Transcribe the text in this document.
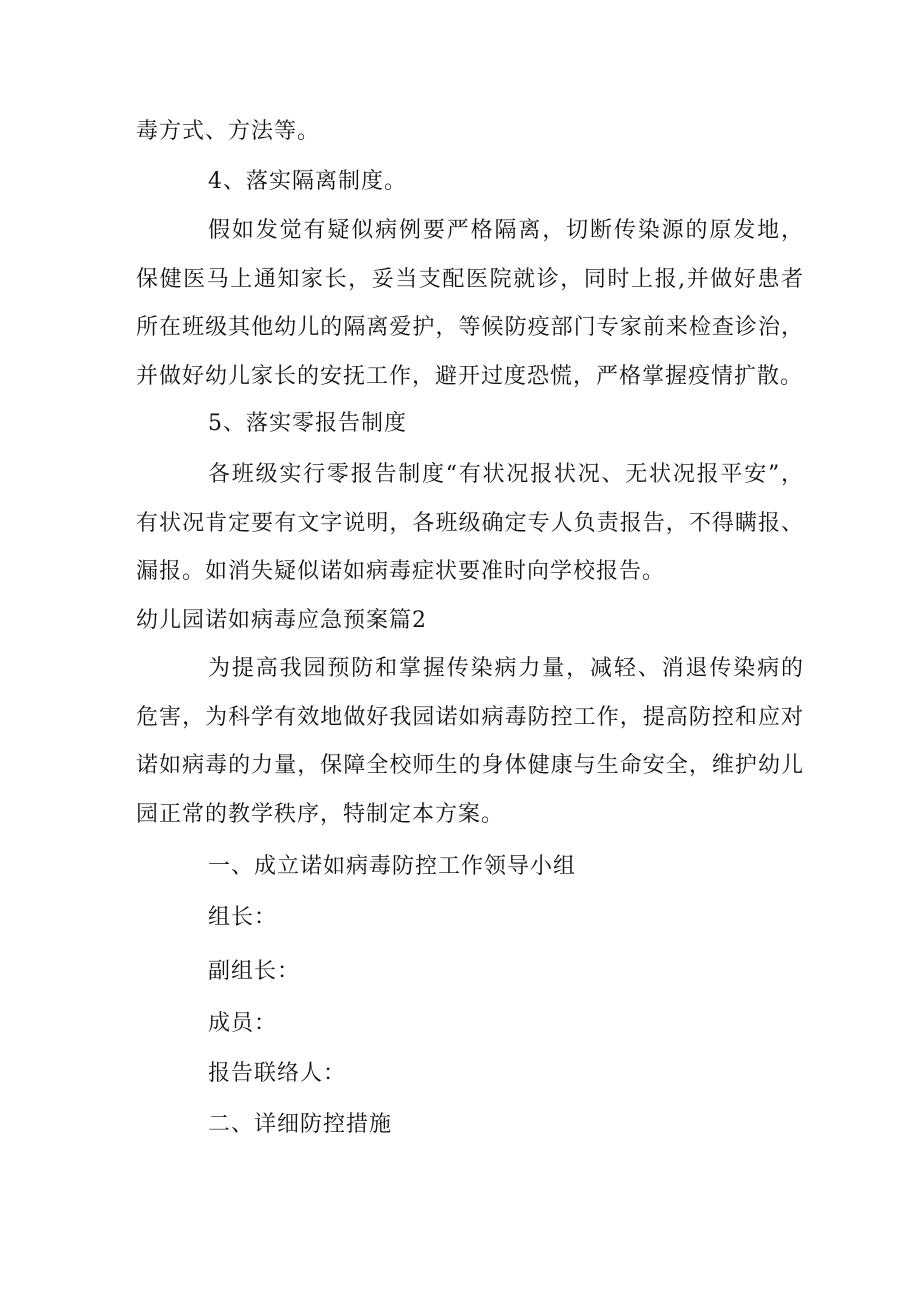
毒方式、方法等。
4、落实隔离制度。
假如发觉有疑似病例要严格隔离，切断传染源的原发地，保健医马上通知家长，妥当支配医院就诊，同时上报,并做好患者所在班级其他幼儿的隔离爱护，等候防疫部门专家前来检查诊治，并做好幼儿家长的安抚工作，避开过度恐慌，严格掌握疫情扩散。
5、落实零报告制度
各班级实行零报告制度“有状况报状况、无状况报平安”，有状况肯定要有文字说明，各班级确定专人负责报告，不得瞒报、漏报。如消失疑似诺如病毒症状要准时向学校报告。
幼儿园诺如病毒应急预案篇2
为提高我园预防和掌握传染病力量，减轻、消退传染病的危害，为科学有效地做好我园诺如病毒防控工作，提高防控和应对诺如病毒的力量，保障全校师生的身体健康与生命安全，维护幼儿园正常的教学秩序，特制定本方案。
一、成立诺如病毒防控工作领导小组
组长：
副组长：
成员：
报告联络人：
二、详细防控措施
